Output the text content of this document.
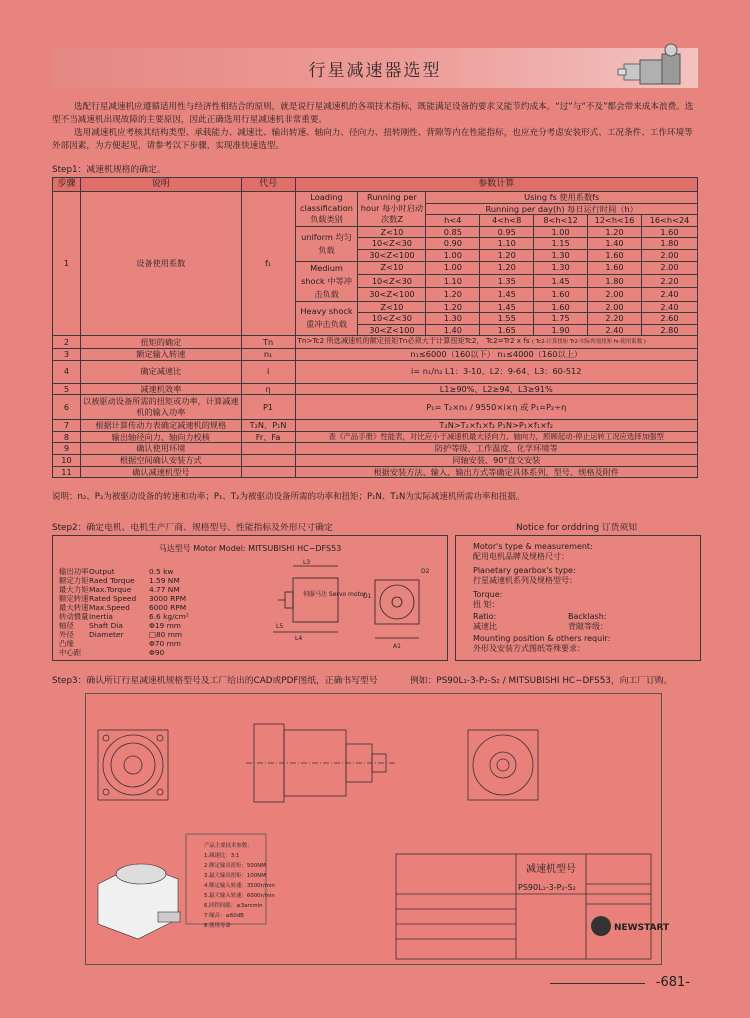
行星减速器选型

选配行星减速机应遵循适用性与经济性相结合的原则，就是说行星减速机的各项技术指标，既能满足设备的要求又能节约成本。“过”与“不及”都会带来成本浪费。选型不当减速机出现故障的主要原因，因此正确选用行星减速机非常重要。

选用减速机应考核其结构类型、承载能力、减速比、输出转速、轴向力、径向力、扭转刚性、背隙等内在性能指标，也应充分考虑安装形式、工况条件、工作环境等外部因素，为方便起见，请参考以下步骤，实现准快速选型。

Step1：减速机规格的确定。
步骤	说明	代号	参数计算						
1	设备使用系数	f₁	Loading classification 负载类别	Running per hour 每小时启动次数Z	Using fs 使用系数fs				
					Running per day(h) 每日运行时间（h）				
					h<4	4<h<8	8<h<12	12<h<16	16<h<24
			uniform 均匀负载	Z<10	0.85	0.95	1.00	1.20	1.60
				10<Z<30	0.90	1.10	1.15	1.40	1.80
				30<Z<100	1.00	1.20	1.30	1.60	2.00
			Medium shock 中等冲击负载	Z<10	1.00	1.20	1.30	1.60	2.00
				10<Z<30	1.10	1.35	1.45	1.80	2.20
				30<Z<100	1.20	1.45	1.60	2.00	2.40
			Heavy shock 重冲击负载	Z<10	1.20	1.45	1.60	2.00	2.40
				10<Z<30	1.30	1.55	1.75	2.20	2.60
				30<Z<100	1.40	1.65	1.90	2.40	2.80
2	扭矩的确定	Tn	Tn>Tc2 所选减速机的额定扭矩Tn必须大于计算扭矩Tc2， Tc2=Tr2 x fs ( Tc2-计算扭矩 Tr2-实际所需扭矩 fs-使用系数 )						
3	额定输入转速	n₁	n₁≤6000（160以下） n₁≤4000（160以上）						
4	确定减速比	i	i= n₁/n₂ L1：3-10、L2：9-64、L3：60-512						
5	减速机效率	η	L1≥90%、L2≥94、L3≥91%						
6	以被驱动设备所需的扭矩或功率，计算减速机的输入功率	P1	P₁= T₂×n₁ / 9550×i×η 或 P₁=P₂÷η						
7	根据计算传动力表确定减速机的规格	T₂N、P₁N	T₂N>T₂×f₁×f₂ P₁N>P₁×f₁×f₂						
8	输出轴径向力、轴向力校核	Fr、Fa	查《产品手册》性能表，对比应小于减速机最大径向力、轴向力，照顾起动-停止运转工况应选择加强型						
9	确认使用环境		防护等级、工作温度、化学环境等						
10	根据空间确认安装方式		同轴安装、90°直交安装						
11	确认减速机型号		根据安装方法、输入、输出方式等确定具体系列、型号、规格及附件						
说明：n₂、P₂为被驱动设备的转速和功率；P₁、T₂为被驱动设备所需的功率和扭矩；P₁N、T₂N为实际减速机所需功率和扭据。
Step2：确定电机、电机生产厂商、规格型号、性能指标及外形尺寸确定	Notice for orddring 订货须知
马达型号 Motor Model: MITSUBISHI HC−DFS53
输出功率 Output	0.5 kw
额定力矩 Raed Torque	1.59 NM
最大力矩 Max.Torque	4.77 NM
额定转速 Rated Speed	3000 RPM
最大转速 Max.Speed	6000 RPM
转动惯量 Inertia	6.6 kg/cm²
轴径	Shaft Dia	Φ19 mm
外径	Diameter	□80 mm
凸缘	Φ70 mm
中心距	Φ90
伺服马达 Servo motor
L3
L4
L5
A1
D2
D1
Motor's type & measurement:
配用电机品牌及规格尺寸：
Planetary gearbox's type:
行星减速机系列及规格型号：
Torque:
扭 矩：
Ratio:
减速比
Backlash:
背隙等级：
Mounting position & others requir:
外形及安装方式图纸等殊要求：
Step3：确认所订行星减速机规格型号及工厂给出的CAD或PDF图纸，正确书写型号	例如：PS90L₁-3-P₂-S₂ / MITSUBISHI HC−DFS53，向工厂订购。
减速机型号
PS90L₁-3-P₂-S₂
NEWSTART
产品主要技术参数：
1.减速比：3:1
2.额定输出扭矩：500NM
3.最大输出扭矩：100NM
4.额定输入转速：3500r/min
5.最大输入转速：6000r/min
6.回程间隙：≤3arcmin
7.噪音：≤60dB
8.使用寿命
-681-
